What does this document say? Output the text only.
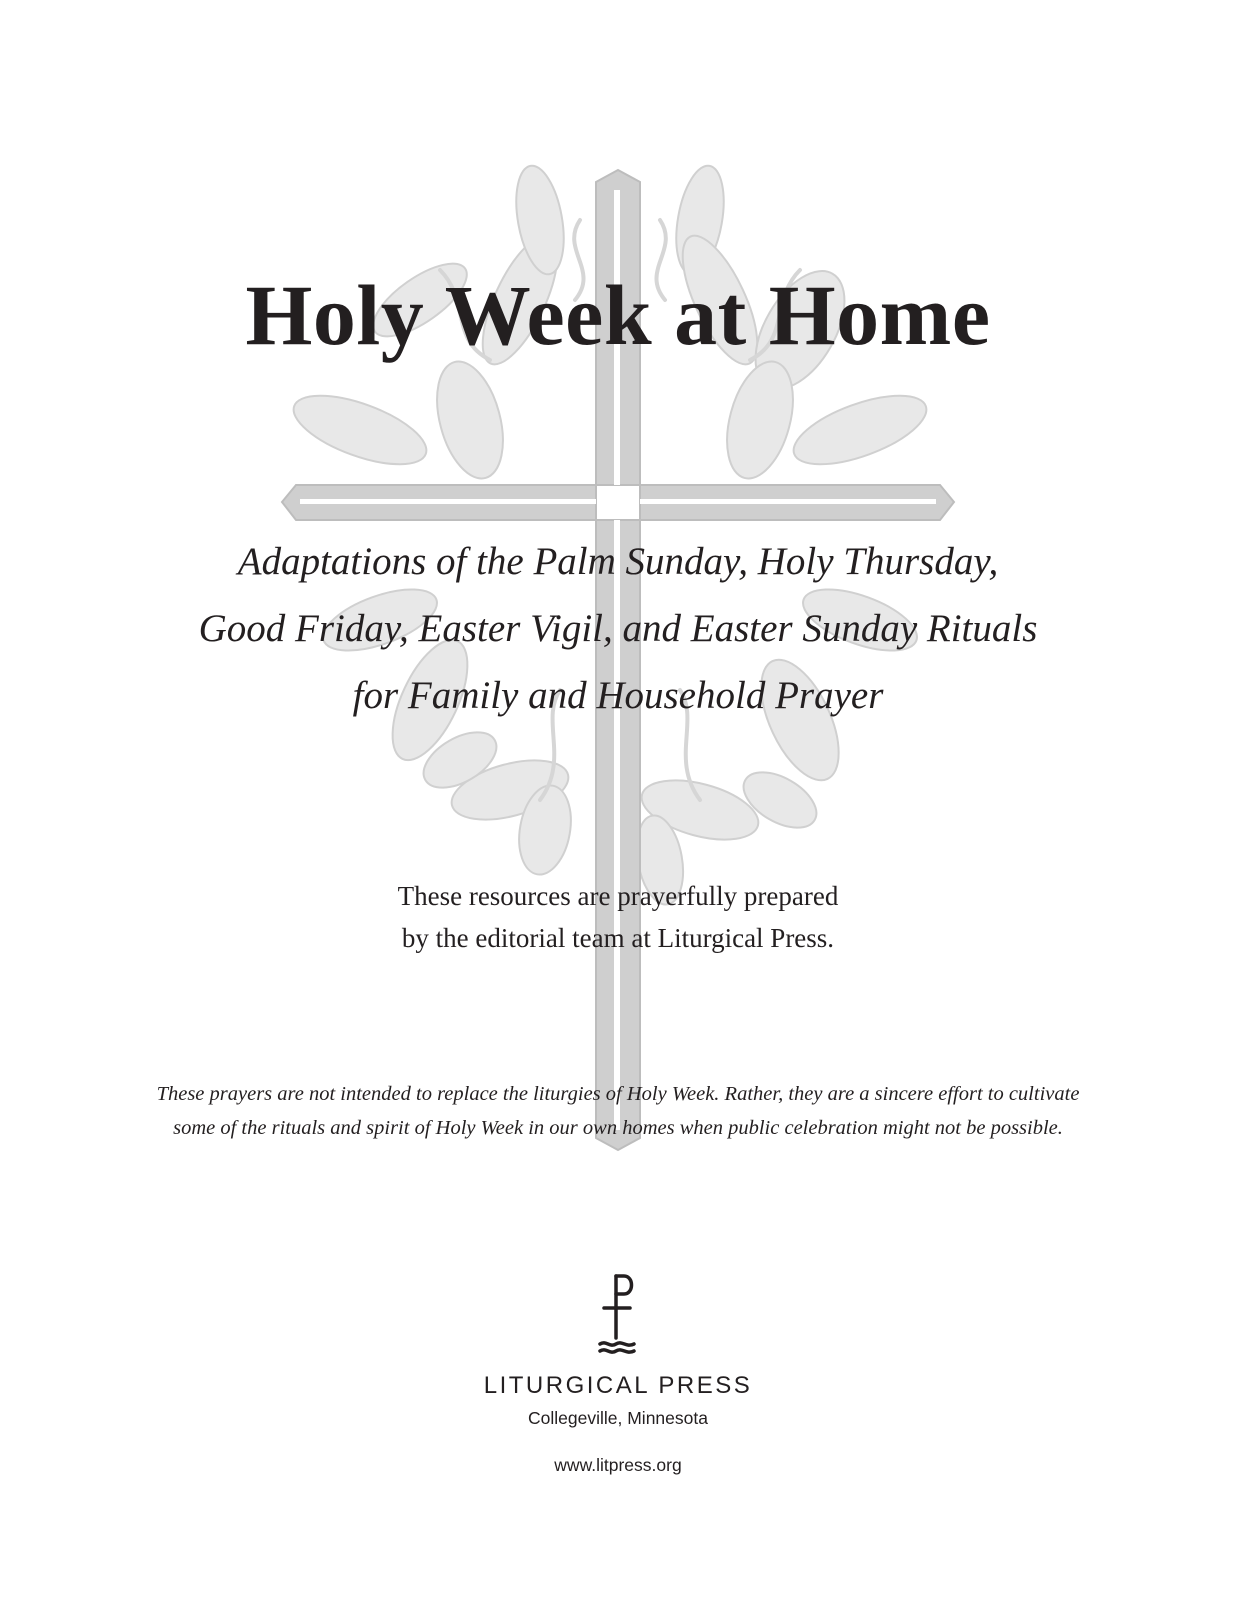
Holy Week at Home
Adaptations of the Palm Sunday, Holy Thursday,
Good Friday, Easter Vigil, and Easter Sunday Rituals
for Family and Household Prayer
These resources are prayerfully prepared
by the editorial team at Liturgical Press.
These prayers are not intended to replace the liturgies of Holy Week. Rather, they are a sincere effort to cultivate
some of the rituals and spirit of Holy Week in our own homes when public celebration might not be possible.
LITURGICAL PRESS
Collegeville, Minnesota
www.litpress.org
